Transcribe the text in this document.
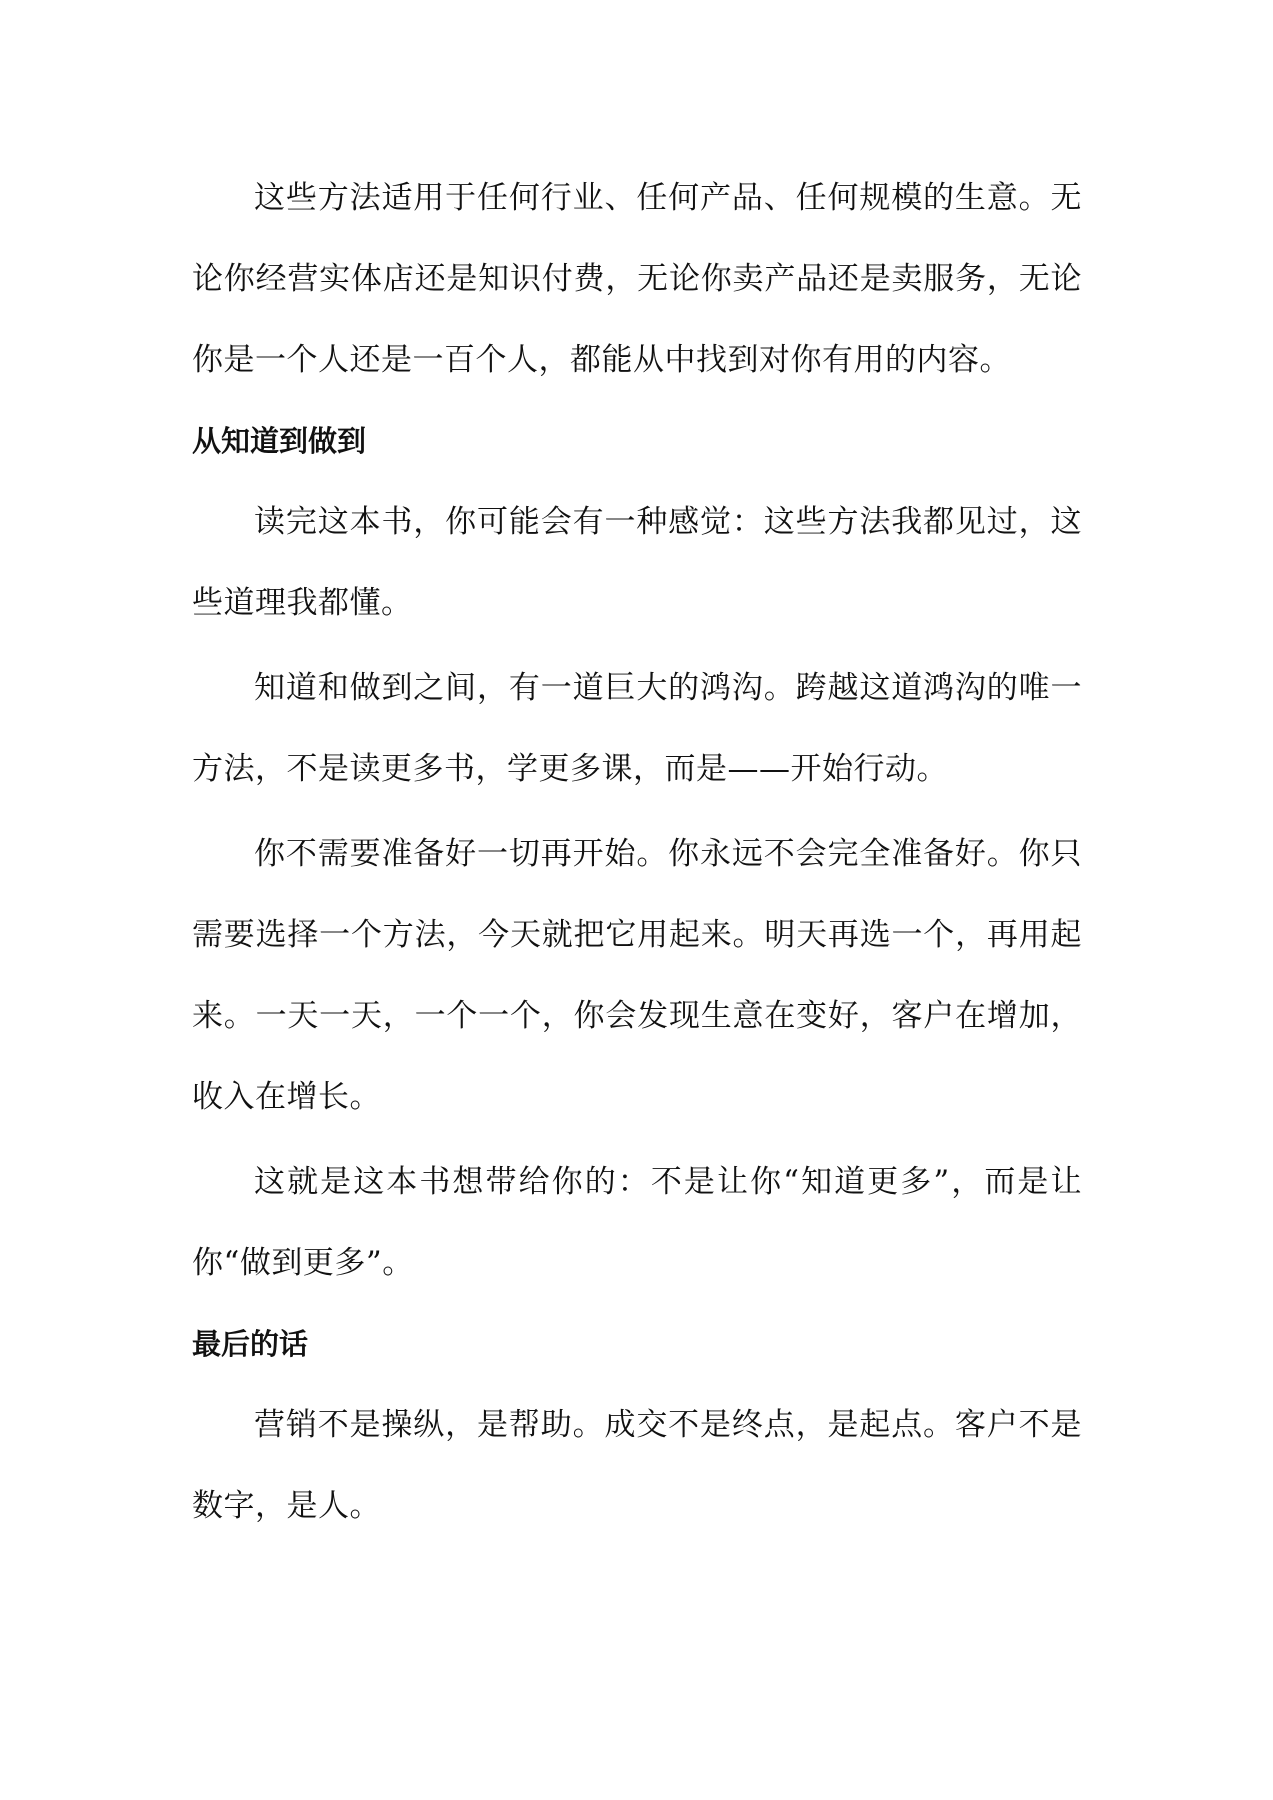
这些方法适用于任何行业、任何产品、任何规模的生意。无论你经营实体店还是知识付费，无论你卖产品还是卖服务，无论你是一个人还是一百个人，都能从中找到对你有用的内容。

从知道到做到

读完这本书，你可能会有一种感觉：这些方法我都见过，这些道理我都懂。

知道和做到之间，有一道巨大的鸿沟。跨越这道鸿沟的唯一方法，不是读更多书，学更多课，而是——开始行动。

你不需要准备好一切再开始。你永远不会完全准备好。你只需要选择一个方法，今天就把它用起来。明天再选一个，再用起来。一天一天，一个一个，你会发现生意在变好，客户在增加，收入在增长。

这就是这本书想带给你的：不是让你“知道更多”，而是让你“做到更多”。

最后的话

营销不是操纵，是帮助。成交不是终点，是起点。客户不是数字，是人。
